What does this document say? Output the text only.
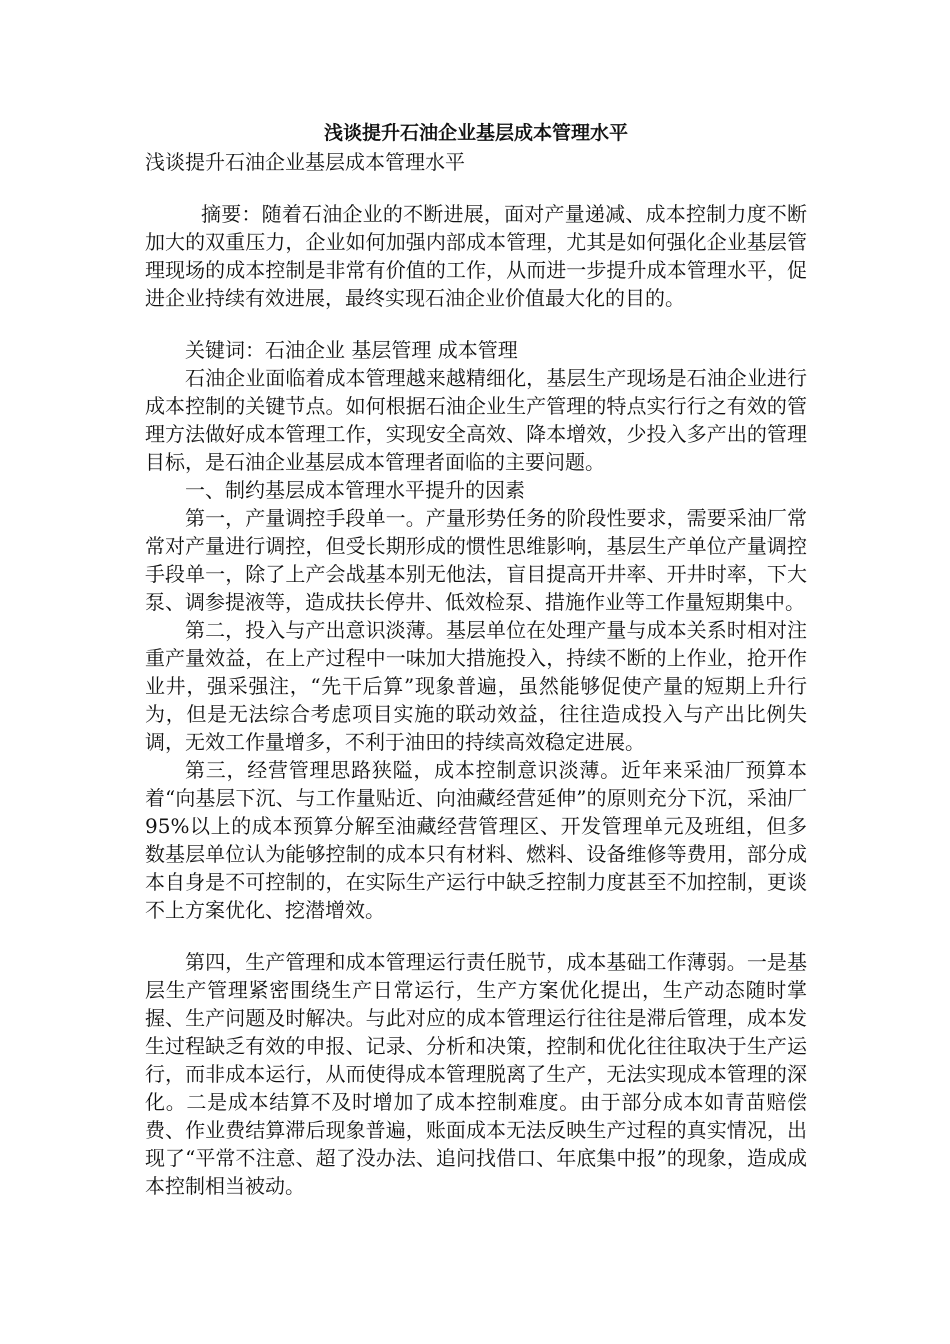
浅谈提升石油企业基层成本管理水平
浅谈提升石油企业基层成本管理水平

摘要：随着石油企业的不断进展，面对产量递减、成本控制力度不断加大的双重压力，企业如何加强内部成本管理，尤其是如何强化企业基层管理现场的成本控制是非常有价值的工作，从而进一步提升成本管理水平，促进企业持续有效进展，最终实现石油企业价值最大化的目的。

关键词：石油企业 基层管理 成本管理

石油企业面临着成本管理越来越精细化，基层生产现场是石油企业进行成本控制的关键节点。如何根据石油企业生产管理的特点实行行之有效的管理方法做好成本管理工作，实现安全高效、降本增效，少投入多产出的管理目标，是石油企业基层成本管理者面临的主要问题。

一、制约基层成本管理水平提升的因素

第一，产量调控手段单一。产量形势任务的阶段性要求，需要采油厂常常对产量进行调控，但受长期形成的惯性思维影响，基层生产单位产量调控手段单一，除了上产会战基本别无他法，盲目提高开井率、开井时率，下大泵、调参提液等，造成扶长停井、低效检泵、措施作业等工作量短期集中。

第二，投入与产出意识淡薄。基层单位在处理产量与成本关系时相对注重产量效益，在上产过程中一味加大措施投入，持续不断的上作业，抢开作业井，强采强注，“先干后算”现象普遍，虽然能够促使产量的短期上升行为，但是无法综合考虑项目实施的联动效益，往往造成投入与产出比例失调，无效工作量增多，不利于油田的持续高效稳定进展。

第三，经营管理思路狭隘，成本控制意识淡薄。近年来采油厂预算本着“向基层下沉、与工作量贴近、向油藏经营延伸”的原则充分下沉，采油厂95%以上的成本预算分解至油藏经营管理区、开发管理单元及班组，但多数基层单位认为能够控制的成本只有材料、燃料、设备维修等费用，部分成本自身是不可控制的，在实际生产运行中缺乏控制力度甚至不加控制，更谈不上方案优化、挖潜增效。

第四，生产管理和成本管理运行责任脱节，成本基础工作薄弱。一是基层生产管理紧密围绕生产日常运行，生产方案优化提出，生产动态随时掌握、生产问题及时解决。与此对应的成本管理运行往往是滞后管理，成本发生过程缺乏有效的申报、记录、分析和决策，控制和优化往往取决于生产运行，而非成本运行，从而使得成本管理脱离了生产，无法实现成本管理的深化。二是成本结算不及时增加了成本控制难度。由于部分成本如青苗赔偿费、作业费结算滞后现象普遍，账面成本无法反映生产过程的真实情况，出现了“平常不注意、超了没办法、追问找借口、年底集中报”的现象，造成成本控制相当被动。
